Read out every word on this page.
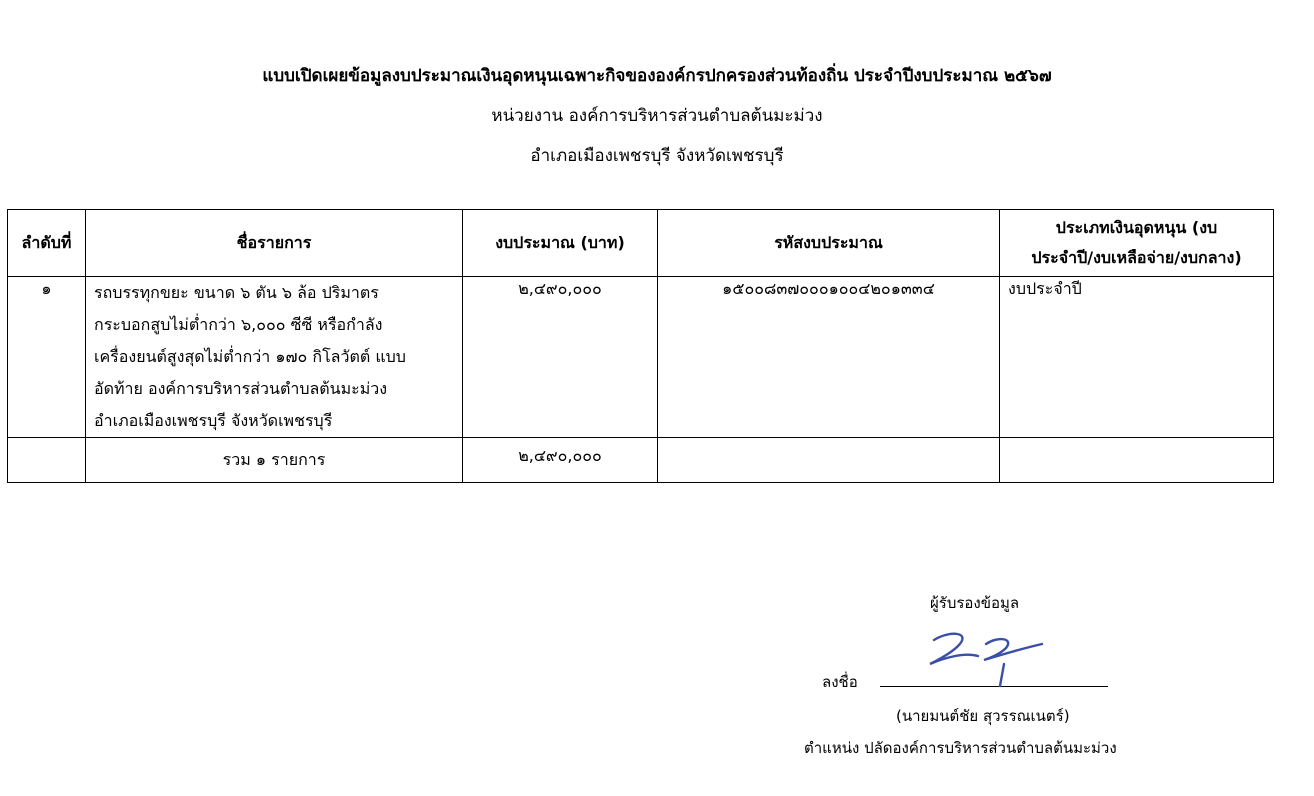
แบบเปิดเผยข้อมูลงบประมาณเงินอุดหนุนเฉพาะกิจขององค์กรปกครองส่วนท้องถิ่น ประจำปีงบประมาณ ๒๕๖๗
หน่วยงาน องค์การบริหารส่วนตำบลต้นมะม่วง
อำเภอเมืองเพชรบุรี จังหวัดเพชรบุรี
ลำดับที่	ชื่อรายการ	งบประมาณ (บาท)	รหัสงบประมาณ	ประเภทเงินอุดหนุน (งบ
ประจำปี/งบเหลือจ่าย/งบกลาง)

๑	รถบรรทุกขยะ ขนาด ๖ ตัน ๖ ล้อ ปริมาตร
กระบอกสูบไม่ต่ำกว่า ๖,๐๐๐ ซีซี หรือกำลัง
เครื่องยนต์สูงสุดไม่ต่ำกว่า ๑๗๐ กิโลวัตต์ แบบ
อัดท้าย องค์การบริหารส่วนตำบลต้นมะม่วง
อำเภอเมืองเพชรบุรี จังหวัดเพชรบุรี	๒,๔๙๐,๐๐๐	๑๕๐๐๘๓๗๐๐๐๑๐๐๔๒๐๑๓๓๔	งบประจำปี
	รวม ๑ รายการ	๒,๔๙๐,๐๐๐		
ผู้รับรองข้อมูล
ลงชื่อ
(นายมนต์ชัย สุวรรณเนตร์)
ตำแหน่ง ปลัดองค์การบริหารส่วนตำบลต้นมะม่วง
